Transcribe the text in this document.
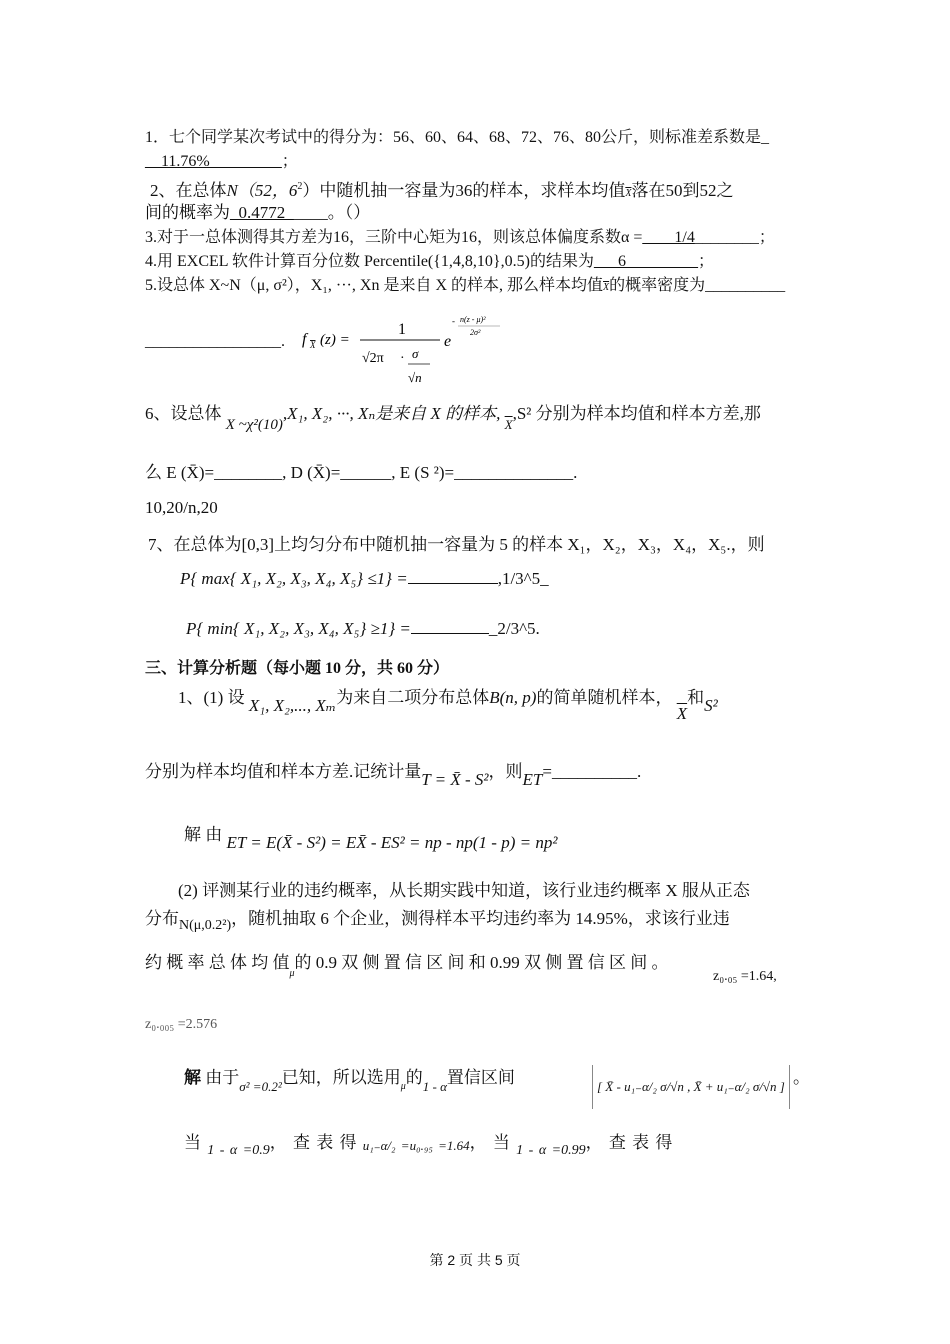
1．七个同学某次考试中的得分为：56、60、64、68、72、76、80公斤，则标准差系数是_
__11.76%_________；
2、在总体N（52，$6^2$）中随机抽一容量为36的样本，求样本均值$\overline{X}$落在50到52之
间的概率为_0.4772_____。（）
3.对于一总体测得其方差为16，三阶中心矩为16，则该总体偏度系数α =____1/4________；
4.用 EXCEL 软件计算百分位数 Percentile({1,4,8,10},0.5)的结果为___6_________；
5.设总体 X~N（μ, σ²），X₁, ···, Xn 是来自 X 的样本, 那么样本均值$\overline{X}$的概率密度为__________
_________________. f X (z) =
1
√2π · σ
√n
e
- n(z - μ)²
2σ²
6、设总体 X ~χ²(10),X₁, X₂, ···, Xₙ是来自 X 的样本, $_{\overline{X}}$,S² 分别为样本均值和样本方差,那
么 E (X̄)=________, D (X̄)=______, E (S ²)=______________.
10,20/n,20
7、在总体为[0,3]上均匀分布中随机抽一容量为 5 的样本 X₁，X₂，X₃，X₄，X₅.，则
P{ max{ X₁, X₂, X₃, X₄, X₅} ≤1} =	,1/3^5_
P{ min{ X₁, X₂, X₃, X₄, X₅} ≥1} =	_2/3^5.
三、计算分析题（每小题 10 分，共 60 分）
1、(1) 设 X₁, X₂,..., Xₘ为来自二项分布总体B(n, p)的简单随机样本， $\overline{X}$和S²
分别为样本均值和样本方差.记统计量T = X̄ - S²，则ET=__________.
解 由 ET = E(X̄ - S²) = EX̄ - ES² = np - np(1 - p) = np²
(2) 评测某行业的违约概率，从长期实践中知道，该行业违约概率 X 服从正态
分布$_{N(\mu,0.2^2)}$，随机抽取 6 个企业，测得样本平均违约率为 14.95%，求该行业违
约 概 率 总 体 均 值$_\mu$的 0.9 双 侧 置 信 区 间 和 0.99 双 侧 置 信 区 间 。
z₀.₀₅ =1.64,
z₀.₀₀₅ =2.576
解 由于$_{\sigma^2 =0.2^2}$已知，所以选用$_\mu$的$_{1 - \alpha}$置信区间	[ X̄ - u₁₋α/₂ σ/√n , X̄ + u₁₋α/₂ σ/√n ] 。
当 $_{1 - \alpha =0.9}$， 查 表 得 u₁₋α/₂ =u₀.₉₅ =1.64， 当 $_{1 - \alpha =0.99}$， 查 表 得
第 2 页 共 5 页
